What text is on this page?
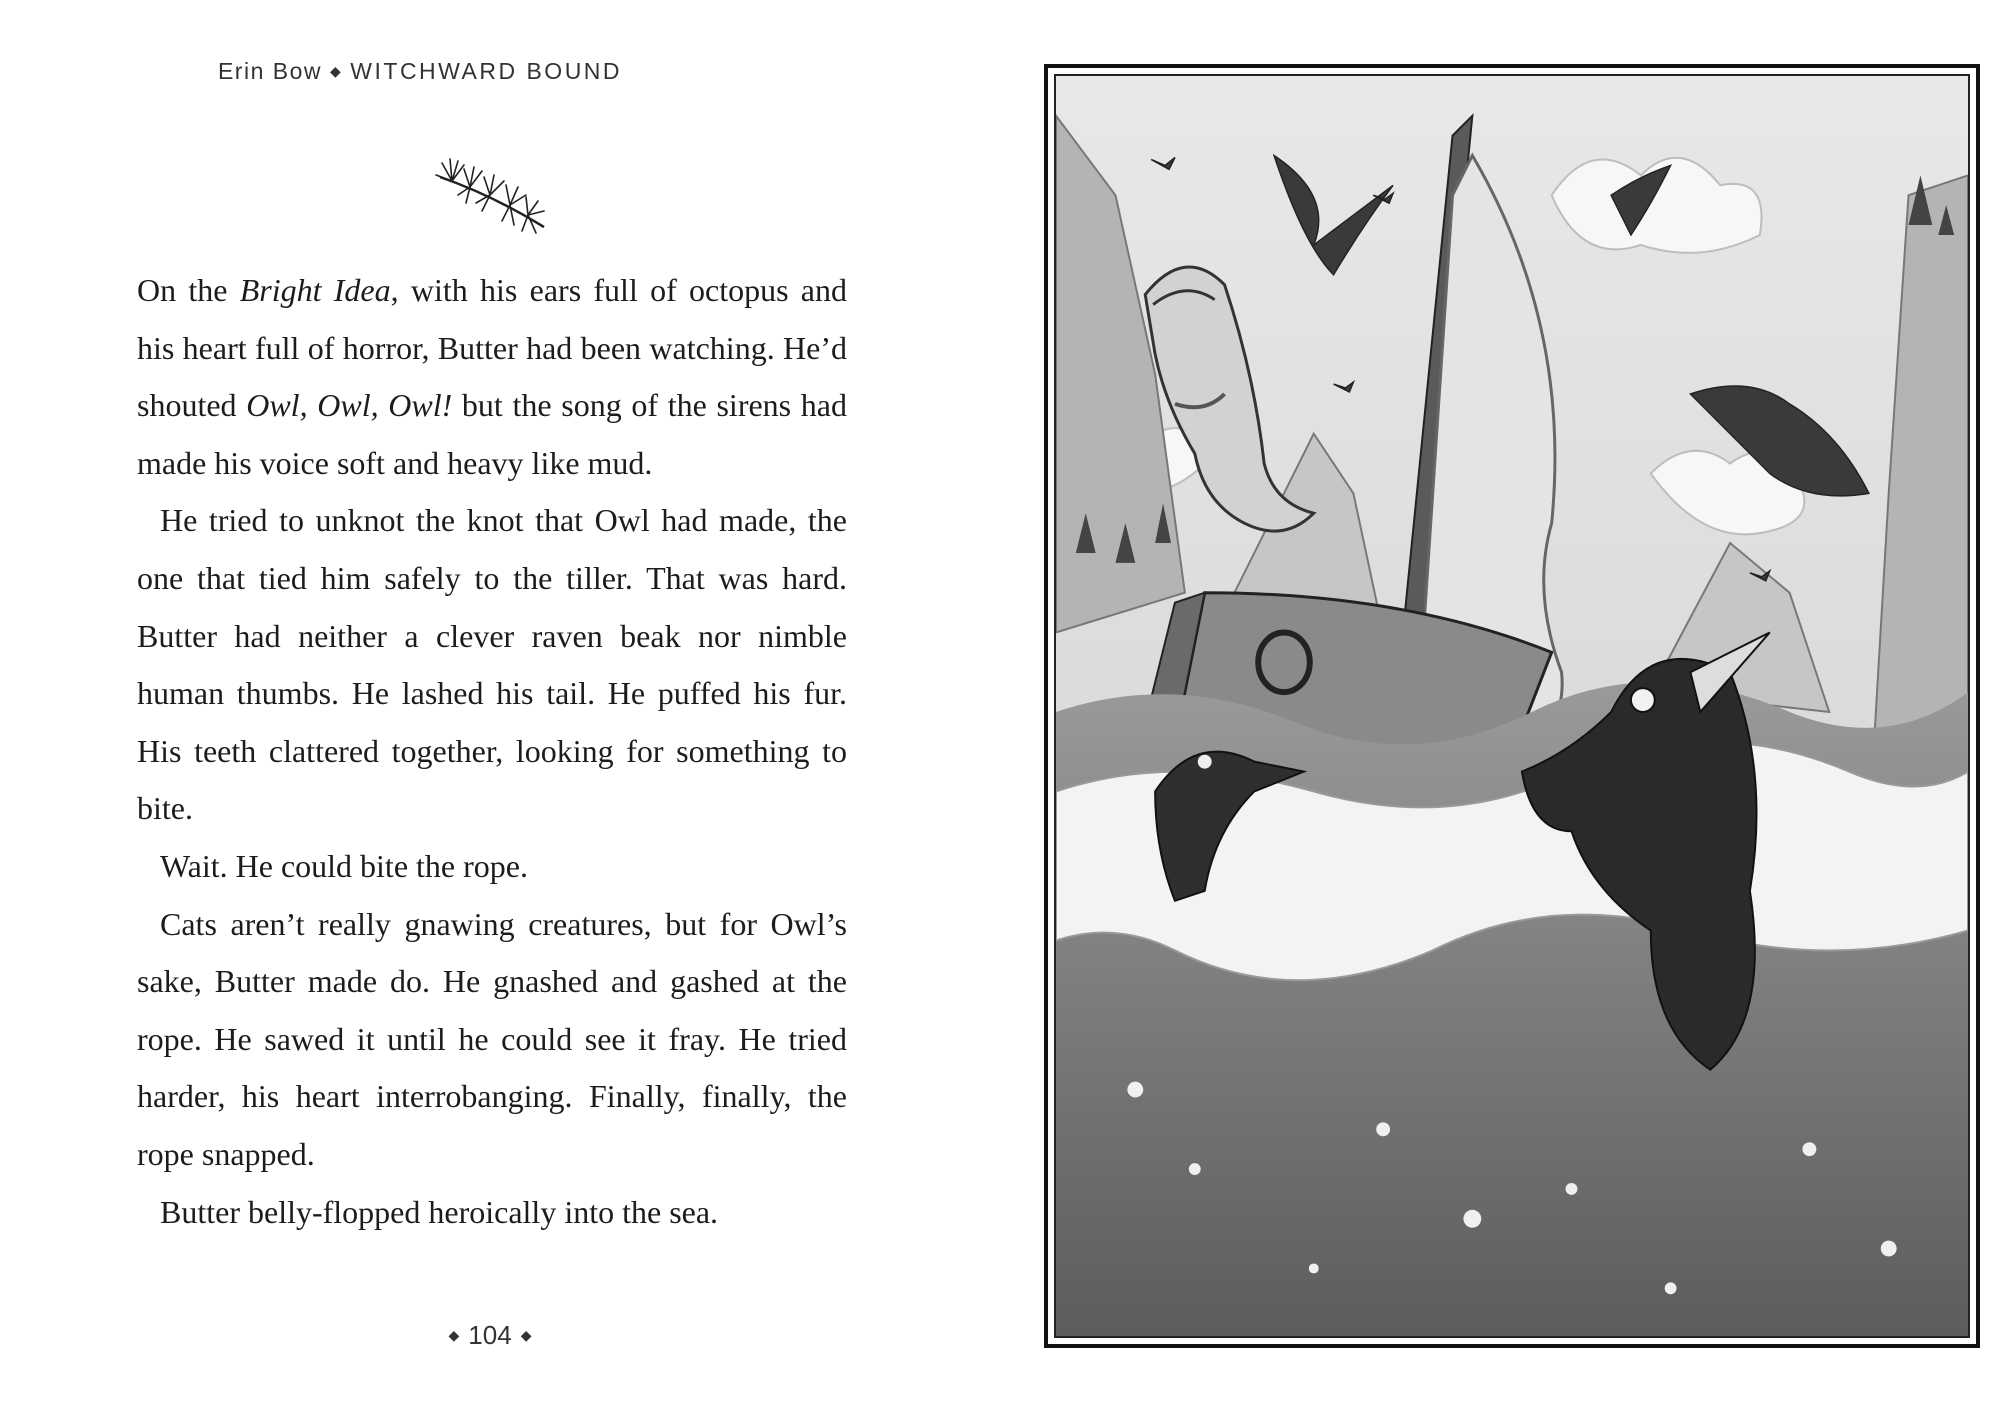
Erin Bow ◆ WITCHWARD BOUND

On the Bright Idea, with his ears full of octopus and his heart full of horror, Butter had been watching. He’d shouted Owl, Owl, Owl! but the song of the sirens had made his voice soft and heavy like mud.

He tried to unknot the knot that Owl had made, the one that tied him safely to the tiller. That was hard. Butter had neither a clever raven beak nor nimble human thumbs. He lashed his tail. He puffed his fur. His teeth clattered together, looking for something to bite.

Wait. He could bite the rope.

Cats aren’t really gnawing creatures, but for Owl’s sake, Butter made do. He gnashed and gashed at the rope. He sawed it until he could see it fray. He tried harder, his heart interrobanging. Finally, finally, the rope snapped.

Butter belly-flopped heroically into the sea.

◆ 104 ◆
